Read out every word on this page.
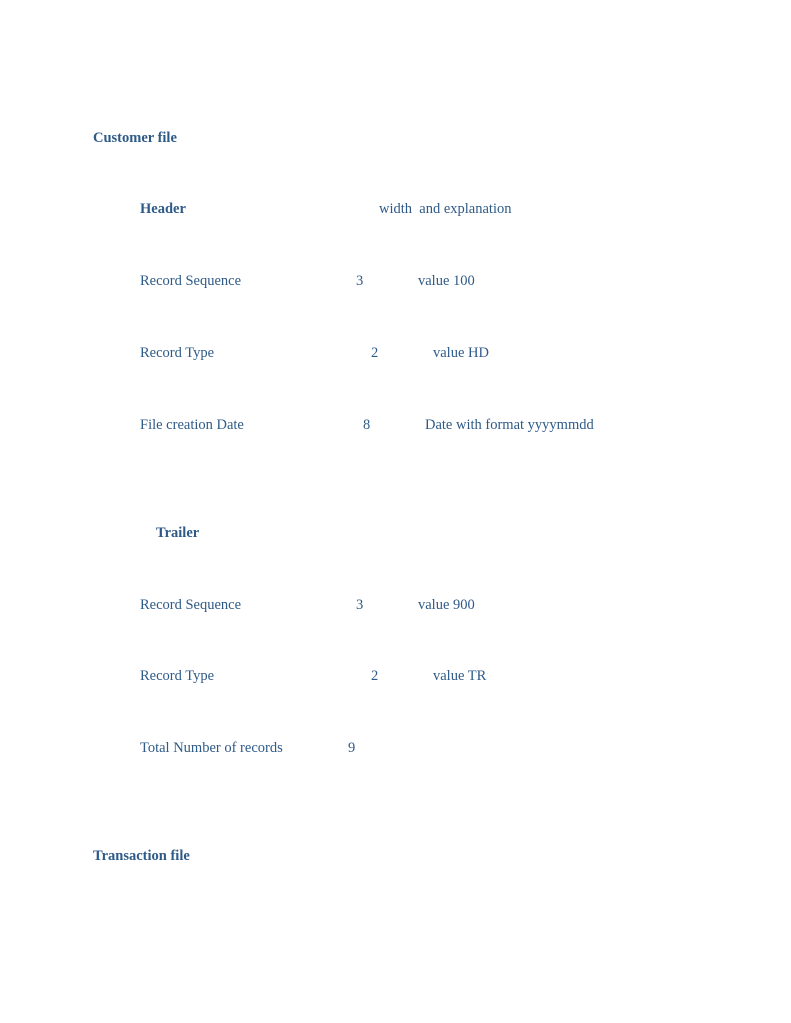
Customer file
Header	width  and explanation
Record Sequence	3	value 100
Record Type	2	value HD
File creation Date	8	Date with format yyyymmdd
Trailer
Record Sequence	3	value 900
Record Type	2	value TR
Total Number of records	9
Transaction file
